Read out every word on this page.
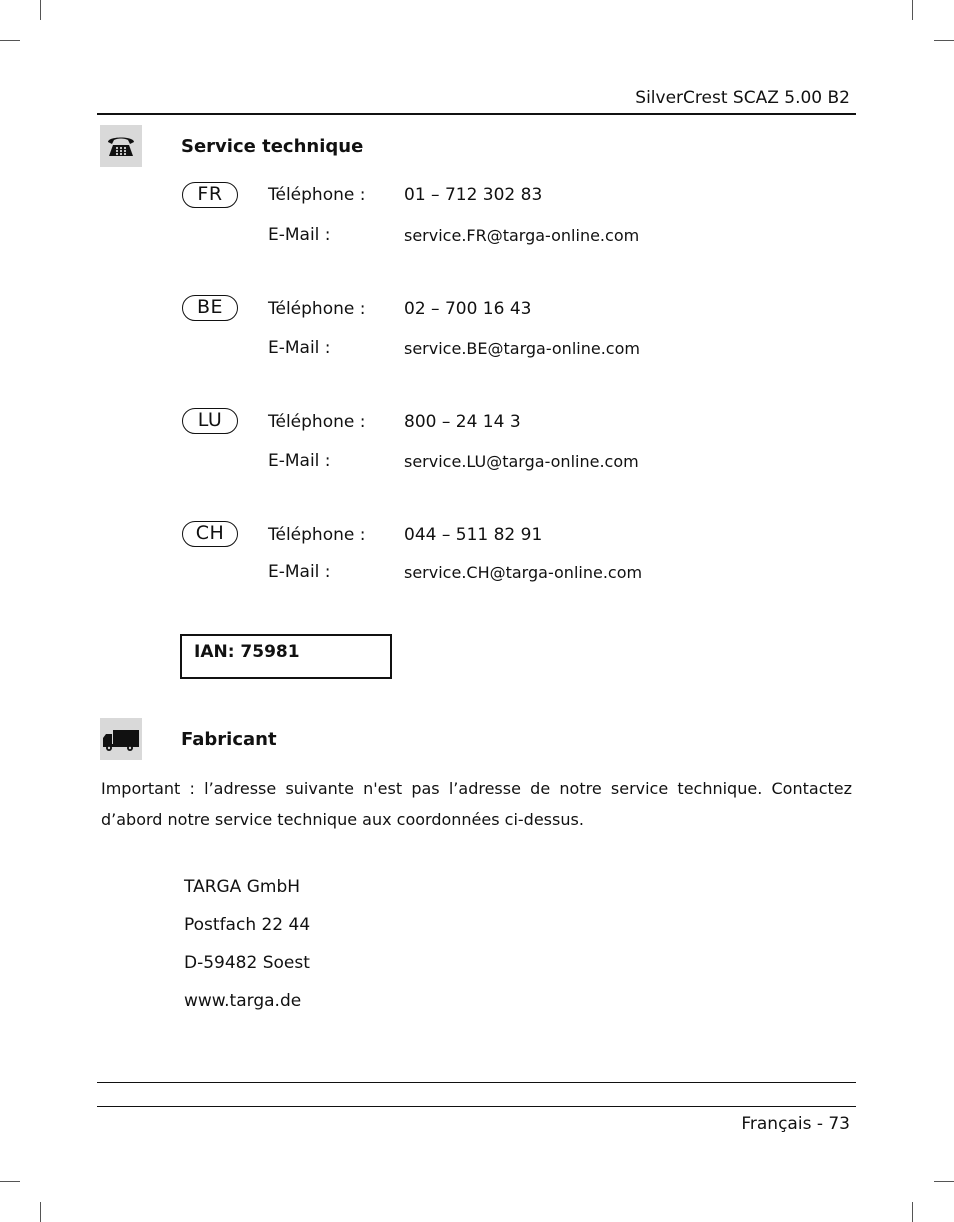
SilverCrest SCAZ 5.00 B2
Service technique
FR	Téléphone : 01 – 712 302 83
E-Mail :	service.FR@targa-online.com
BE	Téléphone : 02 – 700 16 43
E-Mail :	service.BE@targa-online.com
LU	Téléphone : 800 – 24 14 3
E-Mail :	service.LU@targa-online.com
CH	Téléphone : 044 – 511 82 91
E-Mail :	service.CH@targa-online.com
IAN: 75981
Fabricant
Important : l’adresse suivante n'est pas l’adresse de notre service technique. Contactez
d’abord notre service technique aux coordonnées ci-dessus.
TARGA GmbH
Postfach 22 44
D-59482 Soest
www.targa.de
Français - 73
